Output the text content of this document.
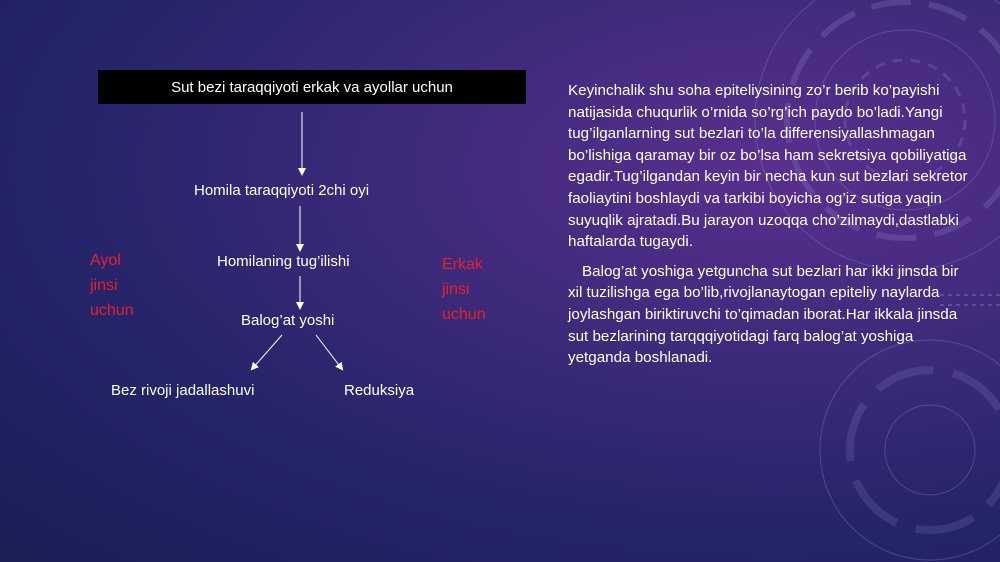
Sut bezi taraqqiyoti erkak va ayollar uchun
Homila taraqqiyoti 2chi oyi
Homilaning tug’ilishi
Balog’at yoshi
Bez rivoji jadallashuvi	Reduksiya
Ayol
jinsi
uchun
Erkak
jinsi
uchun

Keyinchalik shu soha epiteliysining zo’r berib ko’payishi natijasida chuqurlik o’rnida so’rg’ich paydo bo’ladi.Yangi tug’ilganlarning sut bezlari to’la differensiyallashmagan bo’lishiga qaramay bir oz bo’lsa ham sekretsiya qobiliyatiga egadir.Tug’ilgandan keyin bir necha kun sut bezlari sekretor faoliaytini boshlaydi va tarkibi boyicha og’iz sutiga yaqin suyuqlik ajratadi.Bu jarayon uzoqqa cho’zilmaydi,dastlabki haftalarda tugaydi.

Balog’at yoshiga yetguncha sut bezlari har ikki jinsda bir xil tuzilishga ega bo’lib,rivojlanaytogan epiteliy naylarda joylashgan biriktiruvchi to’qimadan iborat.Har ikkala jinsda sut bezlarining tarqqqiyotidagi farq balog’at yoshiga yetganda boshlanadi.
